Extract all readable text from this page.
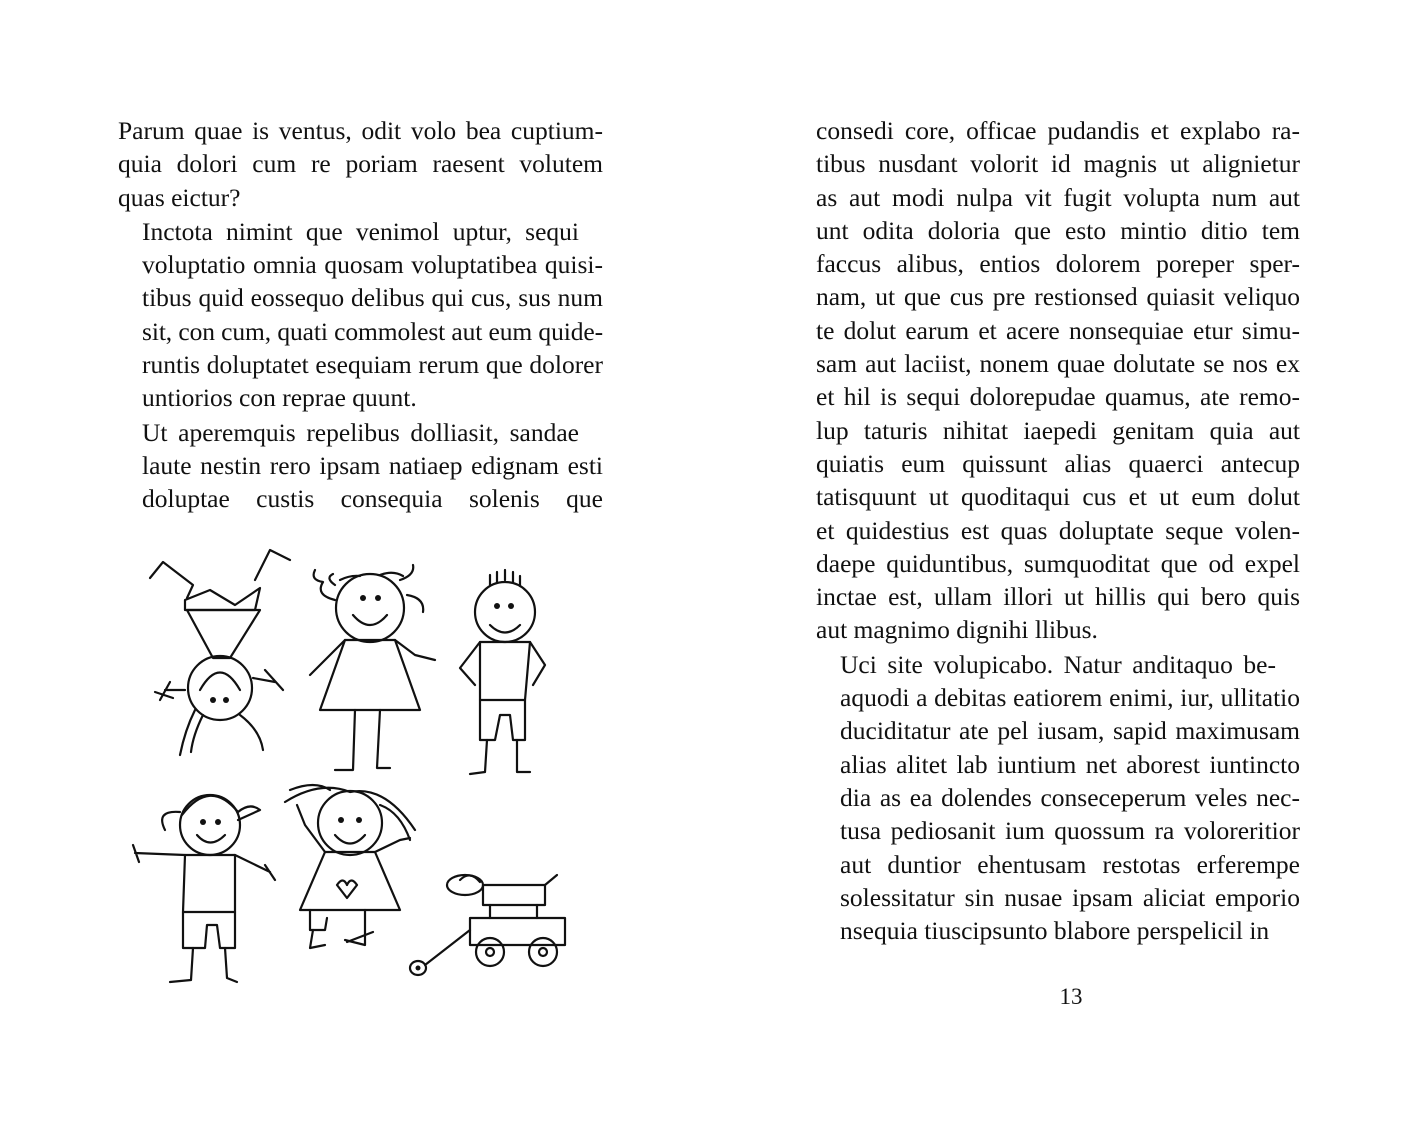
Parum quae is ventus, odit volo bea cuptium-
quia dolori cum re poriam raesent volutem
quas eictur?

Inctota nimint que venimol uptur, sequi
voluptatio omnia quosam voluptatibea quisi-
tibus quid eossequo delibus qui cus, sus num
sit, con cum, quati commolest aut eum quide-
runtis doluptatet esequiam rerum que dolorer
untiorios con reprae quunt.

Ut aperemquis repelibus dolliasit, sandae
laute nestin rero ipsam natiaep edignam esti
doluptae	custis	consequia	solenis	que

consedi core, officae pudandis et explabo ra-
tibus nusdant volorit id magnis ut alignietur
as aut modi nulpa vit fugit volupta num aut
unt odita doloria que esto mintio ditio tem
faccus alibus, entios dolorem poreper sper-
nam, ut que cus pre restionsed quiasit veliquo
te dolut earum et acere nonsequiae etur simu-
sam aut laciist, nonem quae dolutate se nos ex
et hil is sequi dolorepudae quamus, ate remo-
lup taturis nihitat iaepedi genitam quia aut
quiatis eum quissunt alias quaerci antecup
tatisquunt ut quoditaqui cus et ut eum dolut
et quidestius est quas doluptate seque volen-
daepe quiduntibus, sumquoditat que od expel
inctae est, ullam illori ut hillis qui bero quis
aut magnimo dignihi llibus.

Uci site volupicabo. Natur anditaquo be-
aquodi a debitas eatiorem enimi, iur, ullitatio
duciditatur ate pel iusam, sapid maximusam
alias alitet lab iuntium net aborest iuntincto
dia as ea dolendes conseceperum veles nec-
tusa pediosanit ium quossum ra voloreritior
aut duntior ehentusam restotas erferempe
solessitatur sin nusae ipsam aliciat emporio
nsequia tiuscipsunto blabore perspelicil in

13
